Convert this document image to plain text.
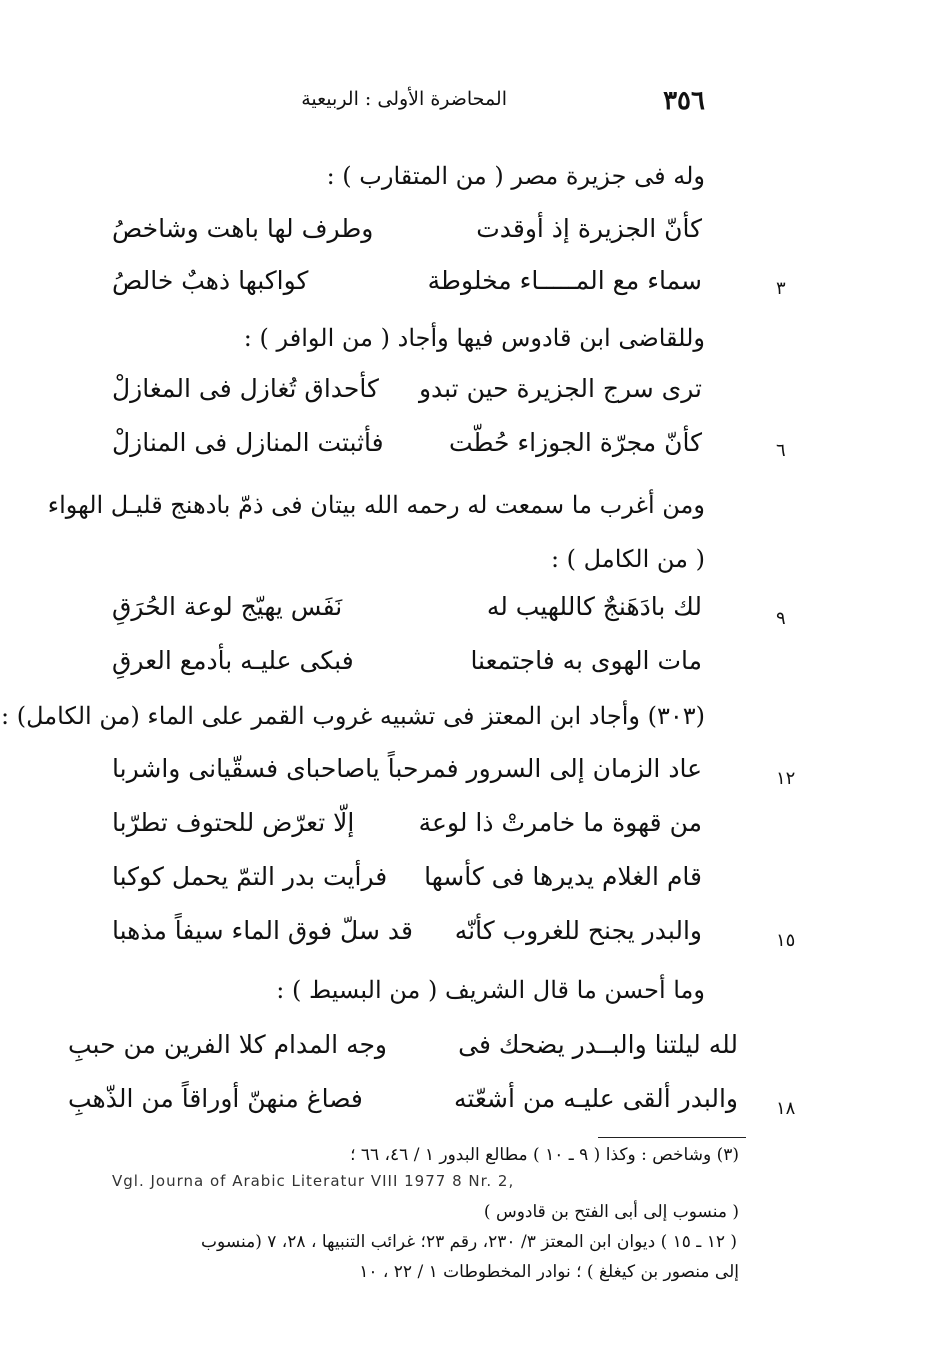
٣٥٦
المحاضرة الأولى : الربيعية
وله فى جزيرة مصر ( من المتقارب ) :
كأنّ الجزيرة إذ أوقدت
وطرف لها باهت وشاخصُ
٣
سماء مع المـــــاء مخلوطة
كواكبها ذهبٌ خالصُ
وللقاضى ابن قادوس فيها وأجاد ( من الوافر ) :
ترى سرج الجزيرة حين تبدو
كأحداق تُغازل فى المغازلْ
٦
كأنّ مجرّة الجوزاء حُطّت
فأثبتت المنازل فى المنازلْ
ومن أغرب ما سمعت له رحمه الله بيتان فى ذمّ بادهنج قليـل الهواء ( من الكامل ) :
٩
لك بادَهَنجٌ كاللهيب له
نَفَس يهيّج لوعة الحُرَقِ
مات الهوى به فاجتمعنا
فبكى عليـه بأدمع العرقِ
(٣٠٣) وأجاد ابن المعتز فى تشبيه غروب القمر على الماء (من الكامل) :
١٢
عاد الزمان إلى السرور فمرحباً
ياصاحباى فسقّيانى واشربا
من قهوة ما خامرتْ ذا لوعة
إلّا تعرّض للحتوف تطرّبا
قام الغلام يديرها فى كأسها
فرأيت بدر التمّ يحمل كوكبا
١٥
والبدر يجنح للغروب كأنّه
قد سلّ فوق الماء سيفاً مذهبا
وما أحسن ما قال الشريف ( من البسيط ) :
لله ليلتنا والبــدر يضحك فى
وجه المدام كلا الفرين من حببِ
١٨
والبدر ألقى عليـه من أشعّته
فصاغ منهنّ أوراقاً من الذّهبِ
(٣) وشاخص : وكذا ( ٩ ـ ١٠ ) مطالع البدور ١ / ٤٦، ٦٦ ؛
Vgl. Journa of Arabic Literatur VIII 1977 8 Nr. 2,
( منسوب إلى أبى الفتح بن قادوس )
( ١٢ ـ ١٥ ) ديوان ابن المعتز ٣/ ٢٣٠، رقم ٢٣؛ غرائب التنبيها ، ٢٨، ٧ (منسوب
إلى منصور بن كيغلغ ) ؛ نوادر المخطوطات ١ / ٢٢ ، ١٠
